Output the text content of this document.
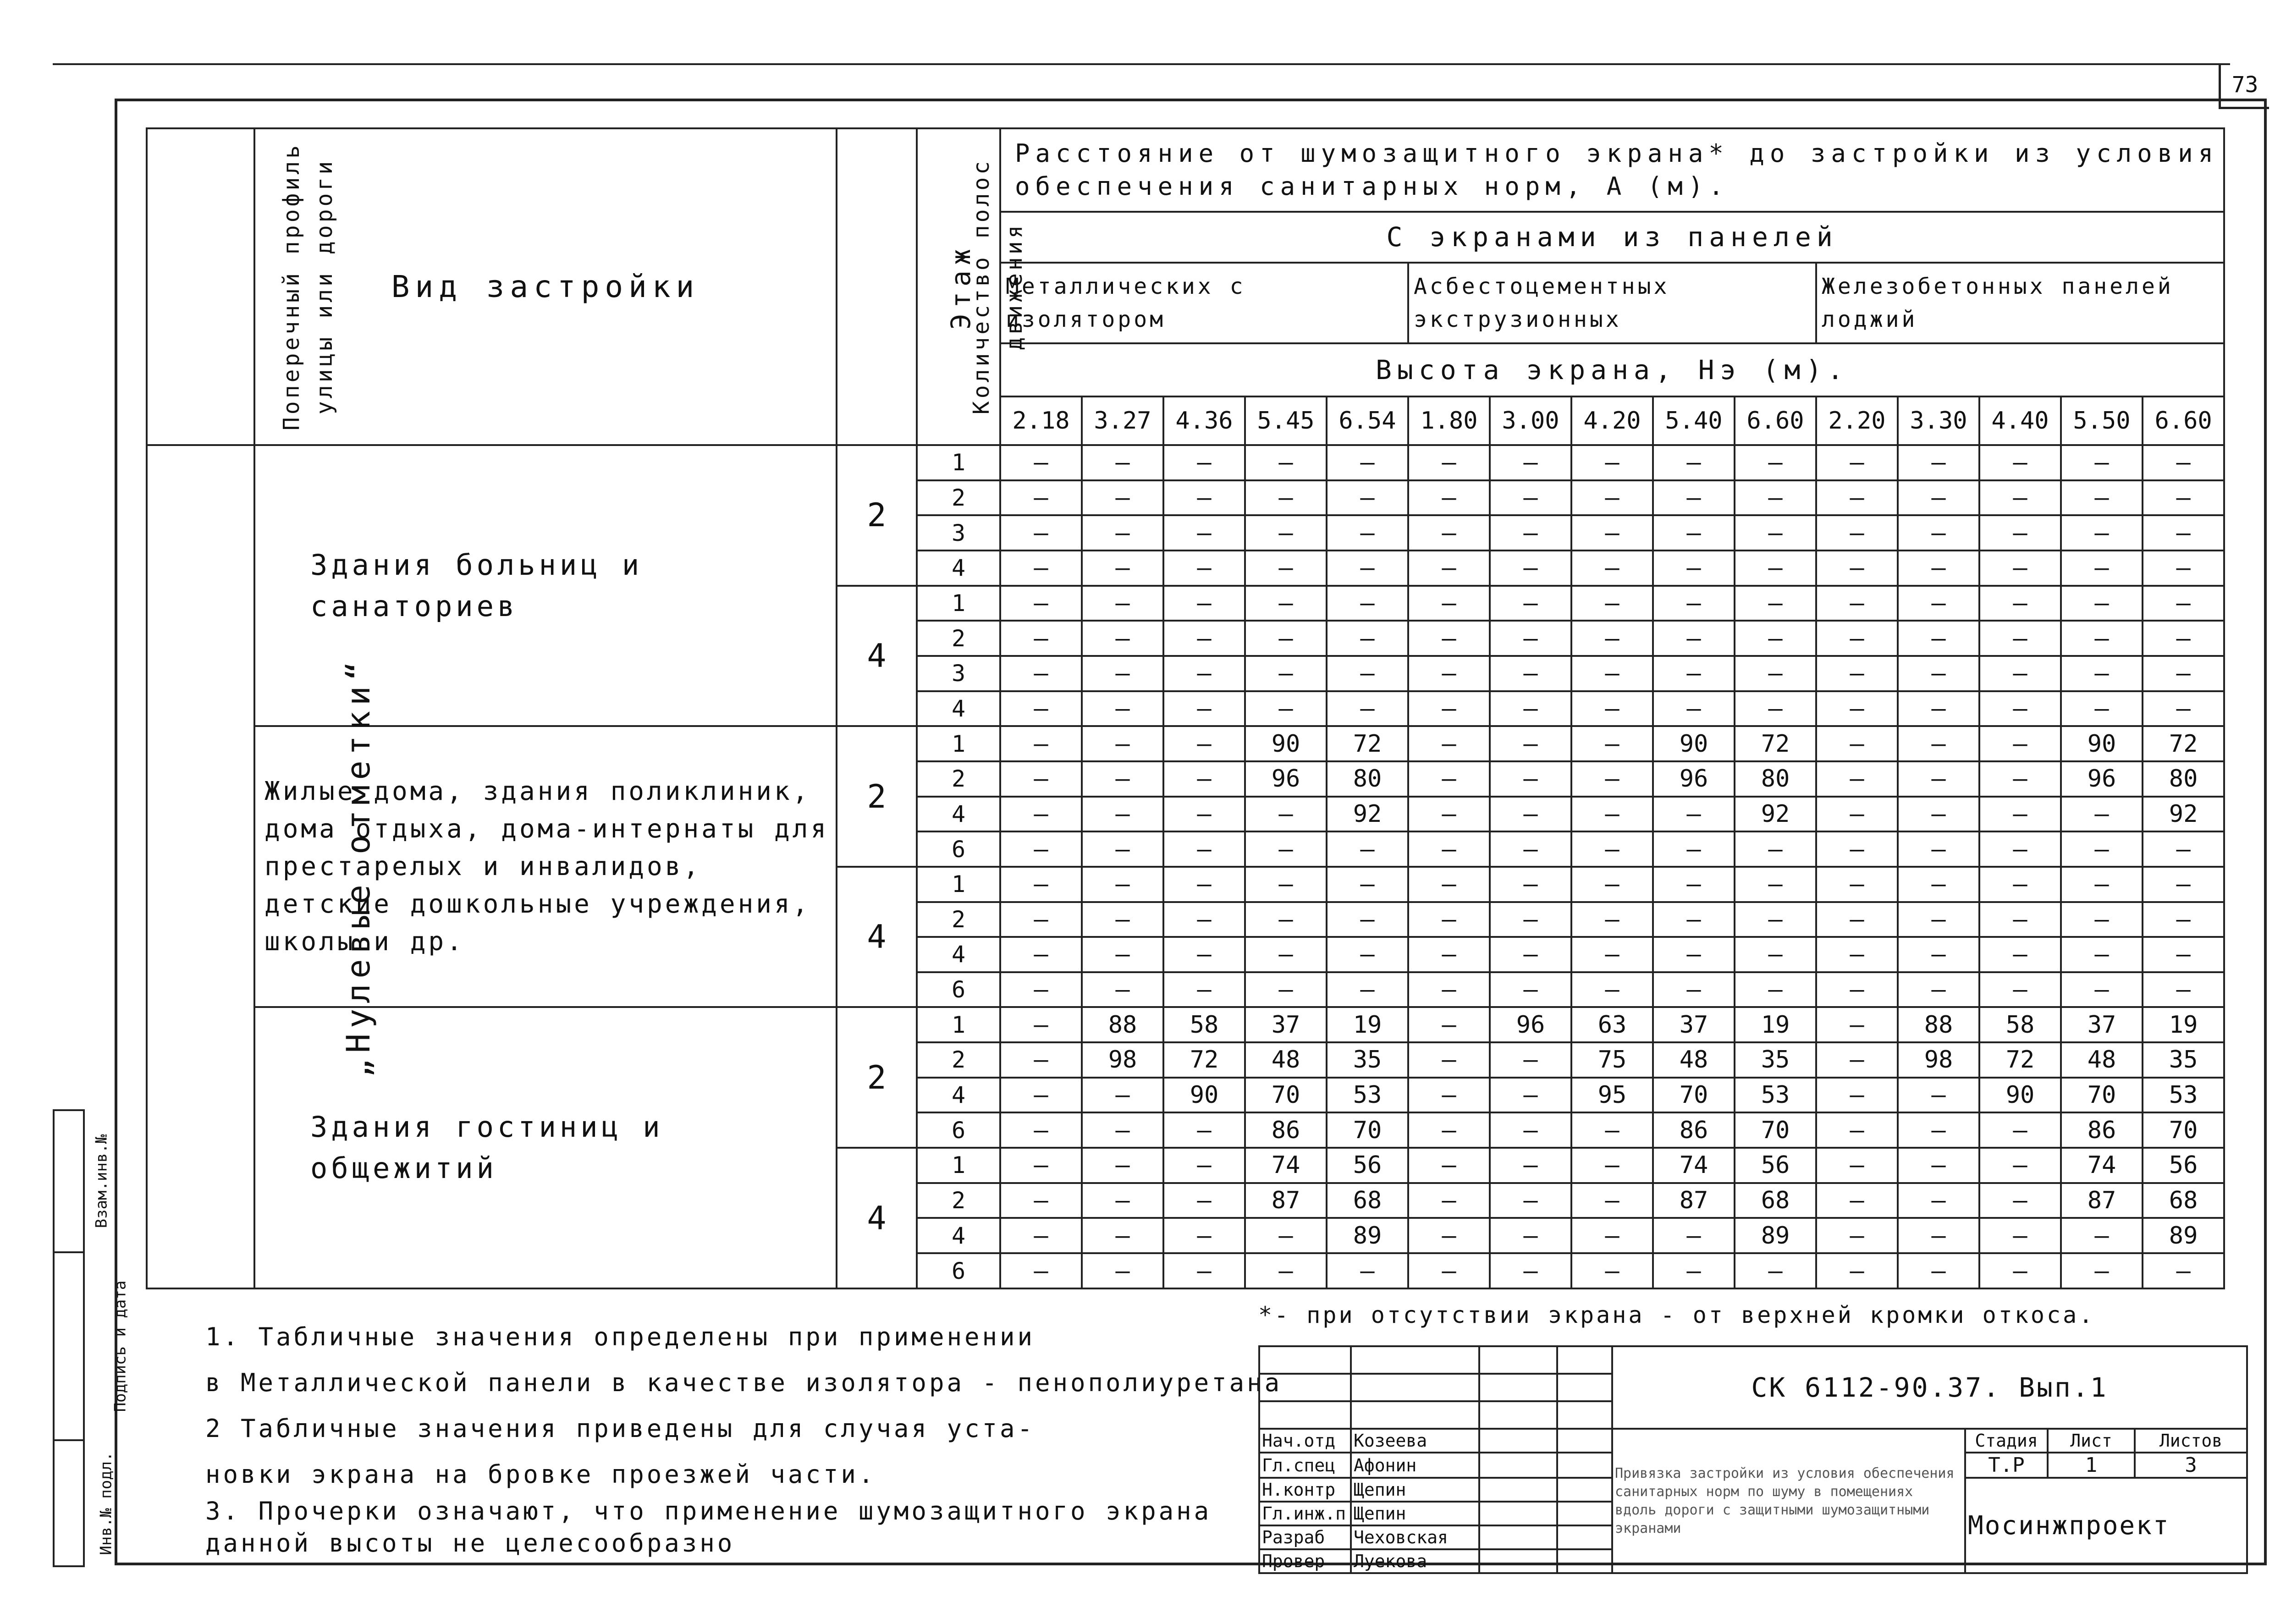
73
Поперечный профиль улицы или дороги	Вид застройки	Количество полос движения	Этаж	Расстояние от шумозащитного экрана* до застройки из условия обеспечения санитарных норм, А (м).														
				С экранами из панелей														
				Металлических с изолятором					Асбестоцементных экструзионных					Железобетонных панелей лоджий				
				Высота экрана, Нэ (м).														
				2.18	3.27	4.36	5.45	6.54	1.80	3.00	4.20	5.40	6.60	2.20	3.30	4.40	5.50	6.60
„Нулевые отметки“	Здания больниц и санаториев	2	1	—	—	—	—	—	—	—	—	—	—	—	—	—	—	—
			2	—	—	—	—	—	—	—	—	—	—	—	—	—	—	—
			3	—	—	—	—	—	—	—	—	—	—	—	—	—	—	—
			4	—	—	—	—	—	—	—	—	—	—	—	—	—	—	—
		4	1	—	—	—	—	—	—	—	—	—	—	—	—	—	—	—
			2	—	—	—	—	—	—	—	—	—	—	—	—	—	—	—
			3	—	—	—	—	—	—	—	—	—	—	—	—	—	—	—
			4	—	—	—	—	—	—	—	—	—	—	—	—	—	—	—
	Жилые дома, здания поликлиник, дома отдыха, дома-интернаты для престарелых и инвалидов, детские дошкольные учреждения, школы и др.	2	1	—	—	—	90	72	—	—	—	90	72	—	—	—	90	72
			2	—	—	—	96	80	—	—	—	96	80	—	—	—	96	80
			4	—	—	—	—	92	—	—	—	—	92	—	—	—	—	92
			6	—	—	—	—	—	—	—	—	—	—	—	—	—	—	—
		4	1	—	—	—	—	—	—	—	—	—	—	—	—	—	—	—
			2	—	—	—	—	—	—	—	—	—	—	—	—	—	—	—
			4	—	—	—	—	—	—	—	—	—	—	—	—	—	—	—
			6	—	—	—	—	—	—	—	—	—	—	—	—	—	—	—
	Здания гостиниц и общежитий	2	1	—	88	58	37	19	—	96	63	37	19	—	88	58	37	19
			2	—	98	72	48	35	—	—	75	48	35	—	98	72	48	35
			4	—	—	90	70	53	—	—	95	70	53	—	—	90	70	53
			6	—	—	—	86	70	—	—	—	86	70	—	—	—	86	70
		4	1	—	—	—	74	56	—	—	—	74	56	—	—	—	74	56
			2	—	—	—	87	68	—	—	—	87	68	—	—	—	87	68
			4	—	—	—	—	89	—	—	—	—	89	—	—	—	—	89
			6	—	—	—	—	—	—	—	—	—	—	—	—	—	—	—
1. Табличные значения определены при применении
в Металлической панели в качестве изолятора - пенополиуретана
2 Табличные значения приведены для случая уста-
новки экрана на бровке проезжей части.
3. Прочерки означают, что применение шумозащитного экрана
данной высоты не целесообразно
*- при отсутствии экрана - от верхней кромки откоса.
				СК 6112-90.37. Вып.1			

Нач.отд	Козеева			Привязка застройки из условия обеспечения санитарных норм по шуму в помещениях вдоль дороги с защитными шумозащитными экранами	Стадия	Лист	Листов
Гл.спец	Афонин				Т.Р	1	3
Н.контр	Щепин				Мосинжпроект		
Гл.инж.п	Щепин						
Разраб	Чеховская						
Провер	Луекова						
Взам.инв.№
Подпись и дата
Инв.№ подл.
